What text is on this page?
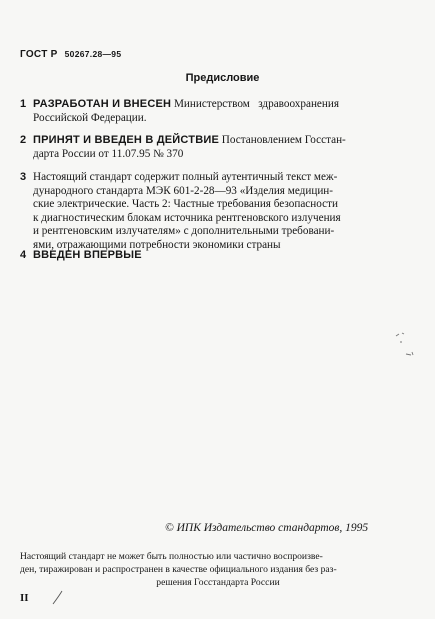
ГОСТ Р 50267.28—95
Предисловие
1 РАЗРАБОТАН И ВНЕСЕН Министерством   здравоохранения
Российской Федерации.
2 ПРИНЯТ И ВВЕДЕН В ДЕЙСТВИЕ Постановлением Госстан-
дарта России от 11.07.95 № 370
3 Настоящий стандарт содержит полный аутентичный текст меж-
дународного стандарта МЭК 601-2-28—93 «Изделия медицин-
ские электрические. Часть 2: Частные требования безопасности
к диагностическим блокам источника рентгеновского излучения
и рентгеновским излучателям» с дополнительными требовани-
ями, отражающими потребности экономики страны
4 ВВЕДЕН ВПЕРВЫЕ
© ИПК Издательство стандартов, 1995
Настоящий стандарт не может быть полностью или частично воспроизве-
ден, тиражирован и распространен в качестве официального издания без раз-
решения Госстандарта России
II
